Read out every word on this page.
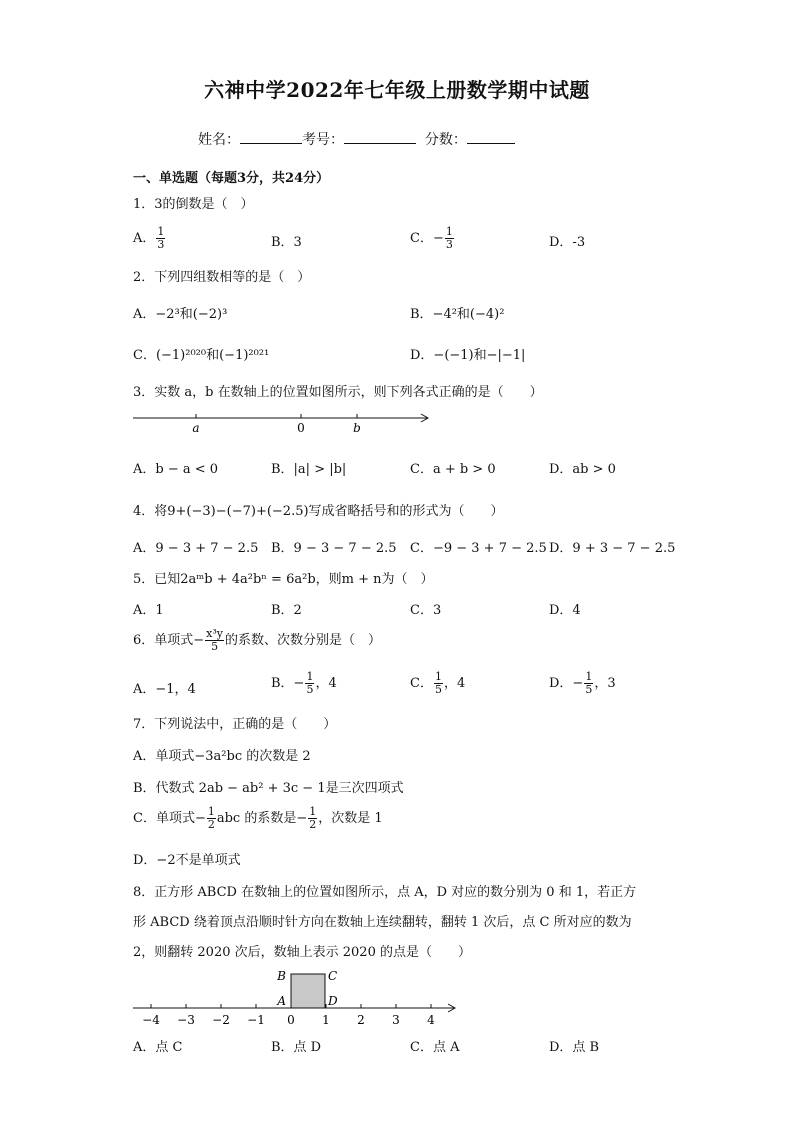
六神中学2022年七年级上册数学期中试题
姓名：	考号：	分数：
一、单选题（每题3分，共24分）
1．3的倒数是（　）
A． $\frac{1}{3}$	B．3	C．− $\frac{1}{3}$	D．-3
2．下列四组数相等的是（　）
A．−2³和(−2)³	B．−4²和(−4)²
C．(−1)²⁰²⁰和(−1)²⁰²¹	D．−(−1)和−|−1|
3．实数 a，b 在数轴上的位置如图所示，则下列各式正确的是（　　）
a	0	b
A．b − a < 0	B．|a| > |b|	C．a + b > 0	D．ab > 0
4．将9+(−3)−(−7)+(−2.5)写成省略括号和的形式为（　　）
A．9 − 3 + 7 − 2.5 B．9 − 3 − 7 − 2.5 C．−9 − 3 + 7 − 2.5 D．9 + 3 − 7 − 2.5
5．已知2aᵐb + 4a²bⁿ = 6a²b，则m + n为（　）
A．1	B．2	C．3	D．4
6．单项式− $\frac{\text{x³y}}{5}$ 的系数、次数分别是（　）
A．−1，4	B．− $\frac{1}{5}$ ，4	C． $\frac{1}{5}$ ，4	D．− $\frac{1}{5}$ ，3
7．下列说法中，正确的是（　　）
A．单项式−3a²bc 的次数是 2
B．代数式 2ab − ab² + 3c − 1是三次四项式
C．单项式− $\frac{1}{2}$ abc 的系数是− $\frac{1}{2}$ ，次数是 1
D．−2不是单项式
8．正方形 ABCD 在数轴上的位置如图所示，点 A，D 对应的数分别为 0 和 1，若正方
形 ABCD 绕着顶点沿顺时针方向在数轴上连续翻转，翻转 1 次后，点 C 所对应的数为
2，则翻转 2020 次后，数轴上表示 2020 的点是（　　）
−4 −3 −2 −1 0 1 2 3 4
B	C
A	D
A．点 C	B．点 D	C．点 A	D．点 B
